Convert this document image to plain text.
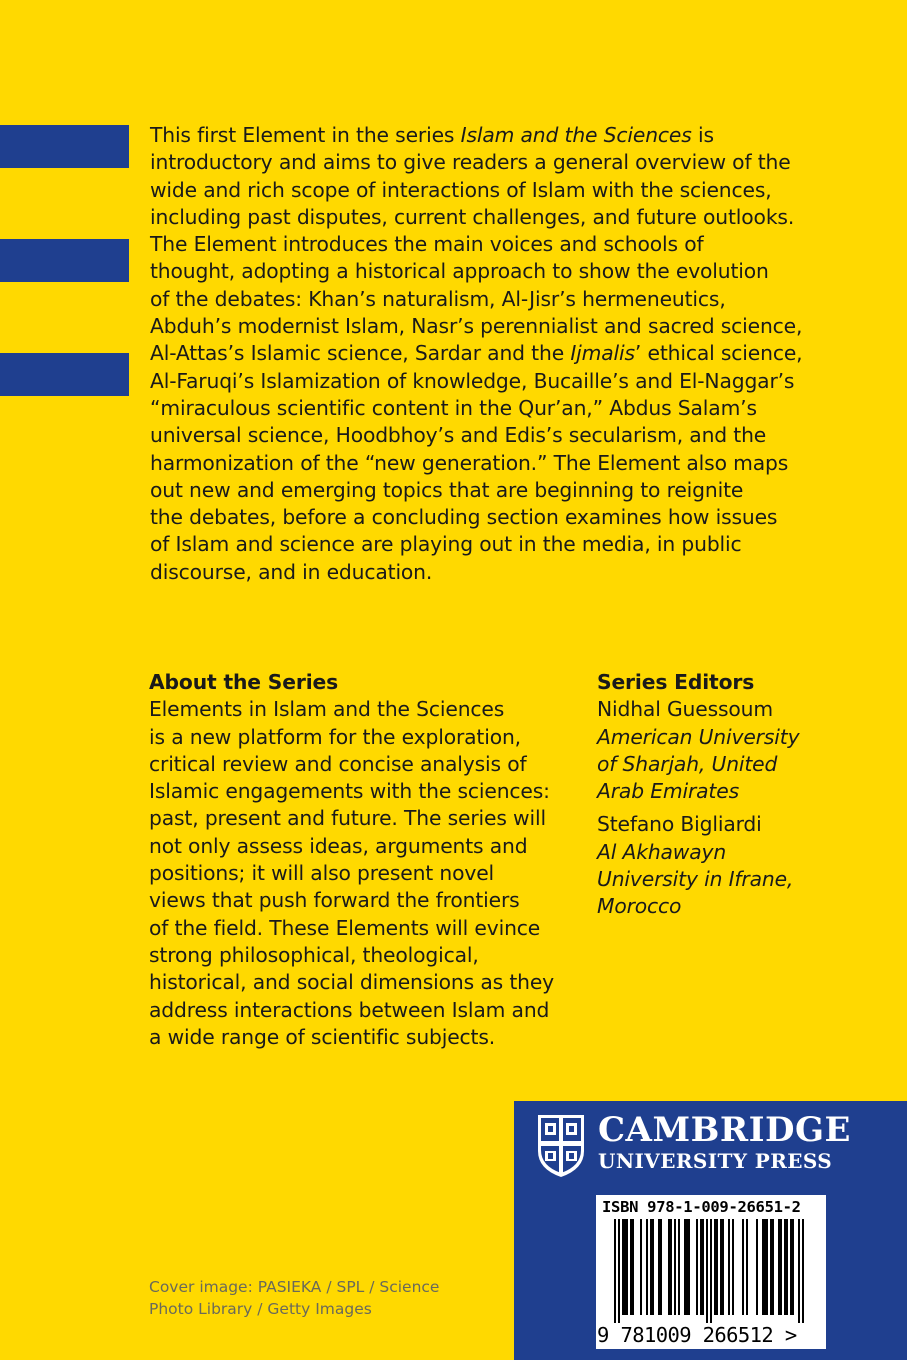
This first Element in the series Islam and the Sciences is
introductory and aims to give readers a general overview of the
wide and rich scope of interactions of Islam with the sciences,
including past disputes, current challenges, and future outlooks.
The Element introduces the main voices and schools of
thought, adopting a historical approach to show the evolution
of the debates: Khan’s naturalism, Al-Jisr’s hermeneutics,
Abduh’s modernist Islam, Nasr’s perennialist and sacred science,
Al-Attas’s Islamic science, Sardar and the Ijmalis’ ethical science,
Al-Faruqi’s Islamization of knowledge, Bucaille’s and El-Naggar’s
“miraculous scientific content in the Qur’an,” Abdus Salam’s
universal science, Hoodbhoy’s and Edis’s secularism, and the
harmonization of the “new generation.” The Element also maps
out new and emerging topics that are beginning to reignite
the debates, before a concluding section examines how issues
of Islam and science are playing out in the media, in public
discourse, and in education.
About the Series
Elements in Islam and the Sciences
is a new platform for the exploration,
critical review and concise analysis of
Islamic engagements with the sciences:
past, present and future. The series will
not only assess ideas, arguments and
positions; it will also present novel
views that push forward the frontiers
of the field. These Elements will evince
strong philosophical, theological,
historical, and social dimensions as they
address interactions between Islam and
a wide range of scientific subjects.
Series Editors
Nidhal Guessoum
American University
of Sharjah, United
Arab Emirates
Stefano Bigliardi
Al Akhawayn
University in Ifrane,
Morocco
Cover image: PASIEKA / SPL / Science
Photo Library / Getty Images
CAMBRIDGE
UNIVERSITY PRESS
ISBN 978-1-009-26651-2
9 781009 266512 >
